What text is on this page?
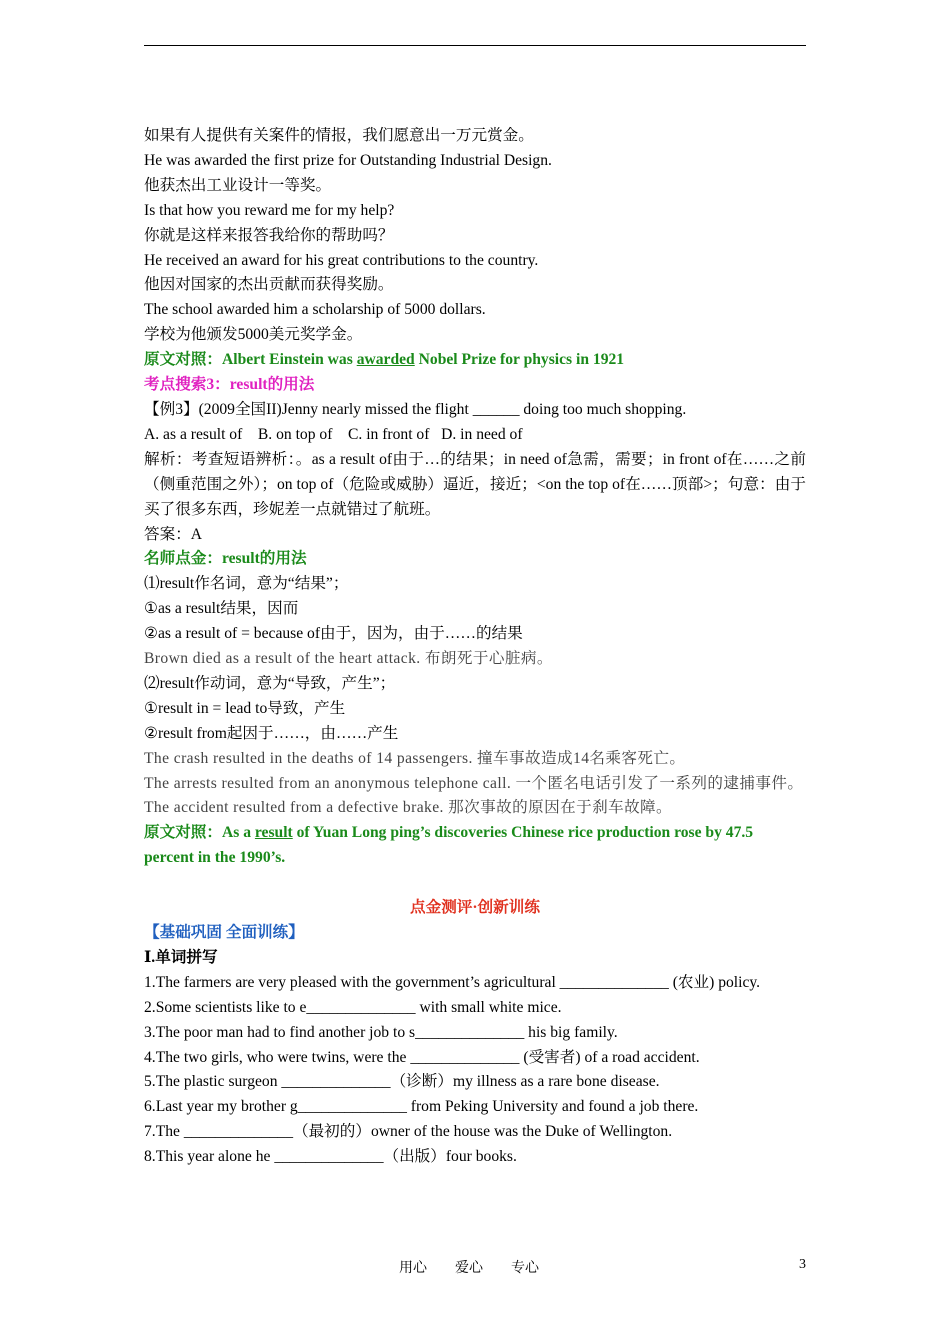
如果有人提供有关案件的情报，我们愿意出一万元赏金。
He was awarded the first prize for Outstanding Industrial Design.
他获杰出工业设计一等奖。
Is that how you reward me for my help?
你就是这样来报答我给你的帮助吗？
He received an award for his great contributions to the country.
他因对国家的杰出贡献而获得奖励。
The school awarded him a scholarship of 5000 dollars.
学校为他颁发5000美元奖学金。
原文对照：Albert Einstein was awarded Nobel Prize for physics in 1921
考点搜索3：result的用法
【例3】(2009全国II)Jenny nearly missed the flight ______ doing too much shopping.
A. as a result of    B. on top of    C. in front of   D. in need of
解析：考查短语辨析：。as a result of由于…的结果；in need of急需，需要；in front of在……之前（侧重范围之外）；on top of（危险或威胁）逼近，接近；<on the top of在……顶部>；句意：由于买了很多东西，珍妮差一点就错过了航班。
答案：A
名师点金：result的用法
⑴result作名词，意为“结果”；
①as a result结果，因而
②as a result of = because of由于，因为，由于……的结果
Brown died as a result of the heart attack. 布朗死于心脏病。
⑵result作动词，意为“导致，产生”；
①result in = lead to导致，产生
②result from起因于……，由……产生
The crash resulted in the deaths of 14 passengers. 撞车事故造成14名乘客死亡。
The arrests resulted from an anonymous telephone call. 一个匿名电话引发了一系列的逮捕事件。
The accident resulted from a defective brake. 那次事故的原因在于刹车故障。
原文对照：As a result of Yuan Long ping’s discoveries Chinese rice production rose by 47.5 percent in the 1990’s.
点金测评·创新训练
【基础巩固 全面训练】
Ⅰ.单词拼写
1.The farmers are very pleased with the government’s agricultural ______________ (农业) policy.
2.Some scientists like to e______________ with small white mice.
3.The poor man had to find another job to s______________ his big family.
4.The two girls, who were twins, were the ______________ (受害者) of a road accident.
5.The plastic surgeon ______________（诊断）my illness as a rare bone disease.
6.Last year my brother g______________ from Peking University and found a job there.
7.The ______________（最初的）owner of the house was the Duke of Wellington.
8.This year alone he ______________（出版）four books.
用心 爱心 专心	3
